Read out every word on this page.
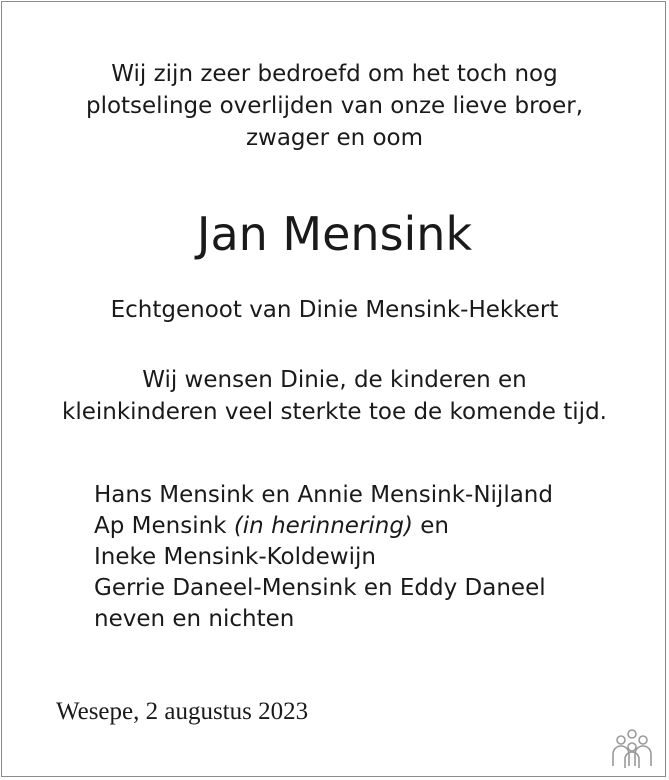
Wij zijn zeer bedroefd om het toch nog
plotselinge overlijden van onze lieve broer,
zwager en oom
Jan Mensink
Echtgenoot van Dinie Mensink-Hekkert
Wij wensen Dinie, de kinderen en
kleinkinderen veel sterkte toe de komende tijd.
Hans Mensink en Annie Mensink-Nijland
Ap Mensink (in herinnering) en
Ineke Mensink-Koldewijn
Gerrie Daneel-Mensink en Eddy Daneel
neven en nichten
Wesepe, 2 augustus 2023
